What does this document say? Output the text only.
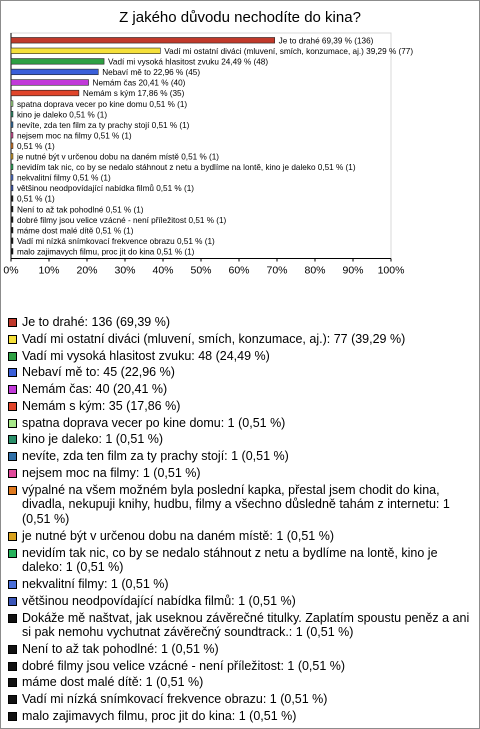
Z jakého důvodu nechodíte do kina?
Je to drahé 69,39 % (136)
Vadí mi ostatní diváci (mluvení, smích, konzumace, aj.) 39,29 % (77)
Vadí mi vysoká hlasitost zvuku 24,49 % (48)
Nebaví mě to 22,96 % (45)
Nemám čas 20,41 % (40)
Nemám s kým 17,86 % (35)
spatna doprava vecer po kine domu 0,51 % (1)
kino je daleko 0,51 % (1)
nevíte, zda ten film za ty prachy stojí 0,51 % (1)
nejsem moc na filmy 0,51 % (1)
0,51 % (1)
je nutné být v určenou dobu na daném místě 0,51 % (1)
nevidím tak nic, co by se nedalo stáhnout z netu a bydlíme na lontě, kino je daleko 0,51 % (1)
nekvalitní filmy 0,51 % (1)
většinou neodpovídající nabídka filmů 0,51 % (1)
0,51 % (1)
Není to až tak pohodlné 0,51 % (1)
dobré filmy jsou velice vzácné - není příležitost 0,51 % (1)
máme dost malé dítě 0,51 % (1)
Vadí mi nízká snímkovací frekvence obrazu 0,51 % (1)
malo zajimavych filmu, proc jit do kina 0,51 % (1)
0% 10% 20% 30% 40% 50% 60% 70% 80% 90% 100%
Je to drahé: 136 (69,39 %)
Vadí mi ostatní diváci (mluvení, smích, konzumace, aj.): 77 (39,29 %)
Vadí mi vysoká hlasitost zvuku: 48 (24,49 %)
Nebaví mě to: 45 (22,96 %)
Nemám čas: 40 (20,41 %)
Nemám s kým: 35 (17,86 %)
spatna doprava vecer po kine domu: 1 (0,51 %)
kino je daleko: 1 (0,51 %)
nevíte, zda ten film za ty prachy stojí: 1 (0,51 %)
nejsem moc na filmy: 1 (0,51 %)
výpalné na všem možném byla poslední kapka, přestal jsem chodit do kina, divadla, nekupuji knihy, hudbu, filmy a všechno důsledně tahám z internetu: 1 (0,51 %)
je nutné být v určenou dobu na daném místě: 1 (0,51 %)
nevidím tak nic, co by se nedalo stáhnout z netu a bydlíme na lontě, kino je daleko: 1 (0,51 %)
nekvalitní filmy: 1 (0,51 %)
většinou neodpovídající nabídka filmů: 1 (0,51 %)
Dokáže mě naštvat, jak useknou závěrečné titulky. Zaplatím spoustu peněz a ani si pak nemohu vychutnat závěrečný soundtrack.: 1 (0,51 %)
Není to až tak pohodlné: 1 (0,51 %)
dobré filmy jsou velice vzácné - není příležitost: 1 (0,51 %)
máme dost malé dítě: 1 (0,51 %)
Vadí mi nízká snímkovací frekvence obrazu: 1 (0,51 %)
malo zajimavych filmu, proc jit do kina: 1 (0,51 %)
